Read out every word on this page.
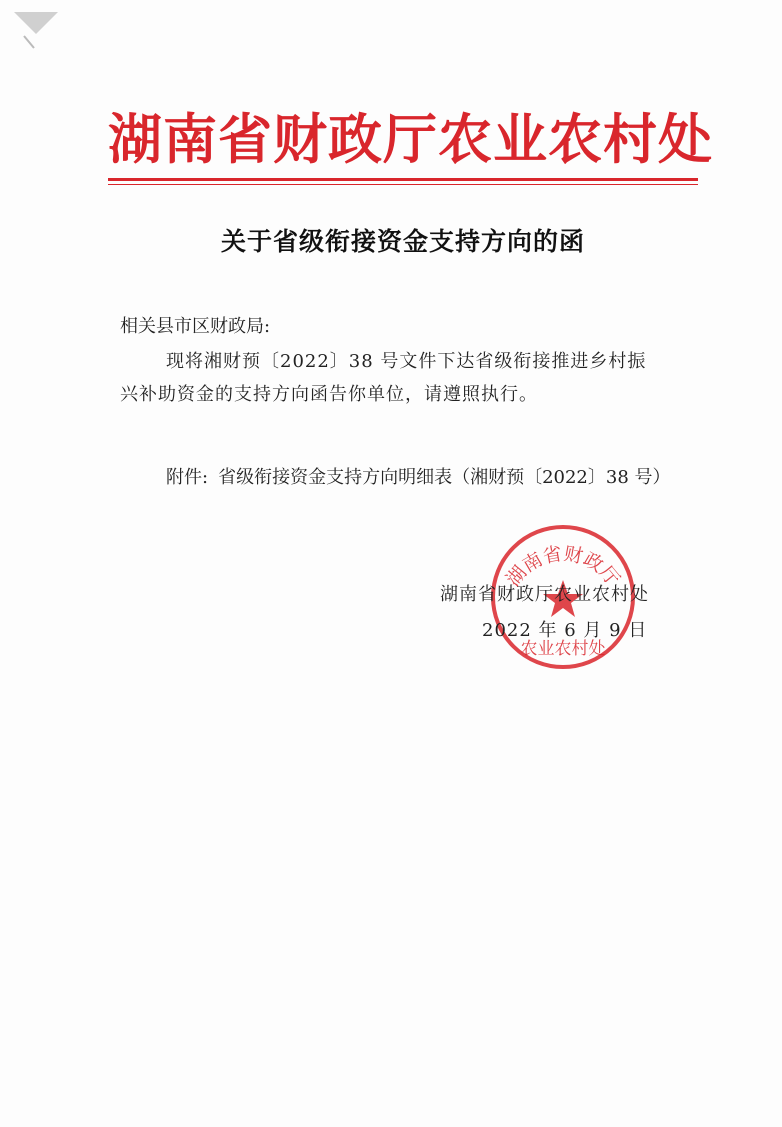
湖南省财政厅农业农村处
关于省级衔接资金支持方向的函
相关县市区财政局:
现将湘财预〔2022〕38 号文件下达省级衔接推进乡村振
兴补助资金的支持方向函告你单位，请遵照执行。
附件: 省级衔接资金支持方向明细表（湘财预〔2022〕38 号）
湖南省财政厅
农业农村处
湖南省财政厅农业农村处
2022 年 6 月 9 日
